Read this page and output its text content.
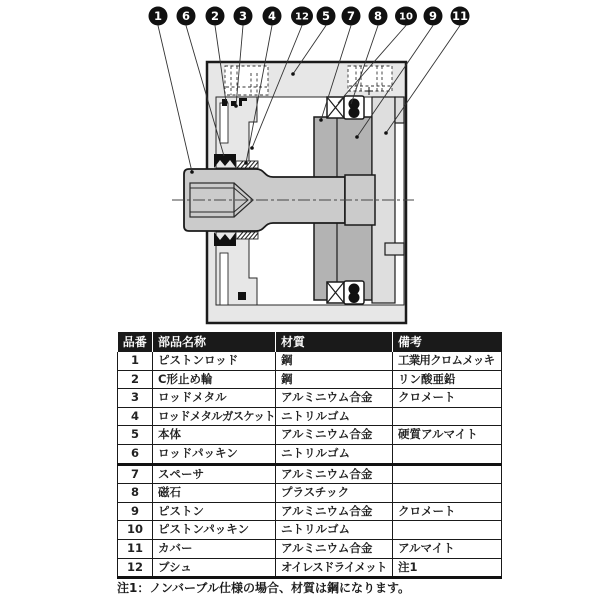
1 6 2 3 4 12 5 7 8 10 9 11
品番	部品名称	材質	備考
1	ピストンロッド	鋼	工業用クロムメッキ
2	C形止め輪	鋼	リン酸亜鉛
3	ロッドメタル	アルミニウム合金	クロメート
4	ロッドメタルガスケット	ニトリルゴム	
5	本体	アルミニウム合金	硬質アルマイト
6	ロッドパッキン	ニトリルゴム	
7	スペーサ	アルミニウム合金	
8	磁石	プラスチック	
9	ピストン	アルミニウム合金	クロメート
10	ピストンパッキン	ニトリルゴム	
11	カバー	アルミニウム合金	アルマイト
12	ブシュ	オイレスドライメット	注1
注1：ノンバーブル仕様の場合、材質は鋼になります。
